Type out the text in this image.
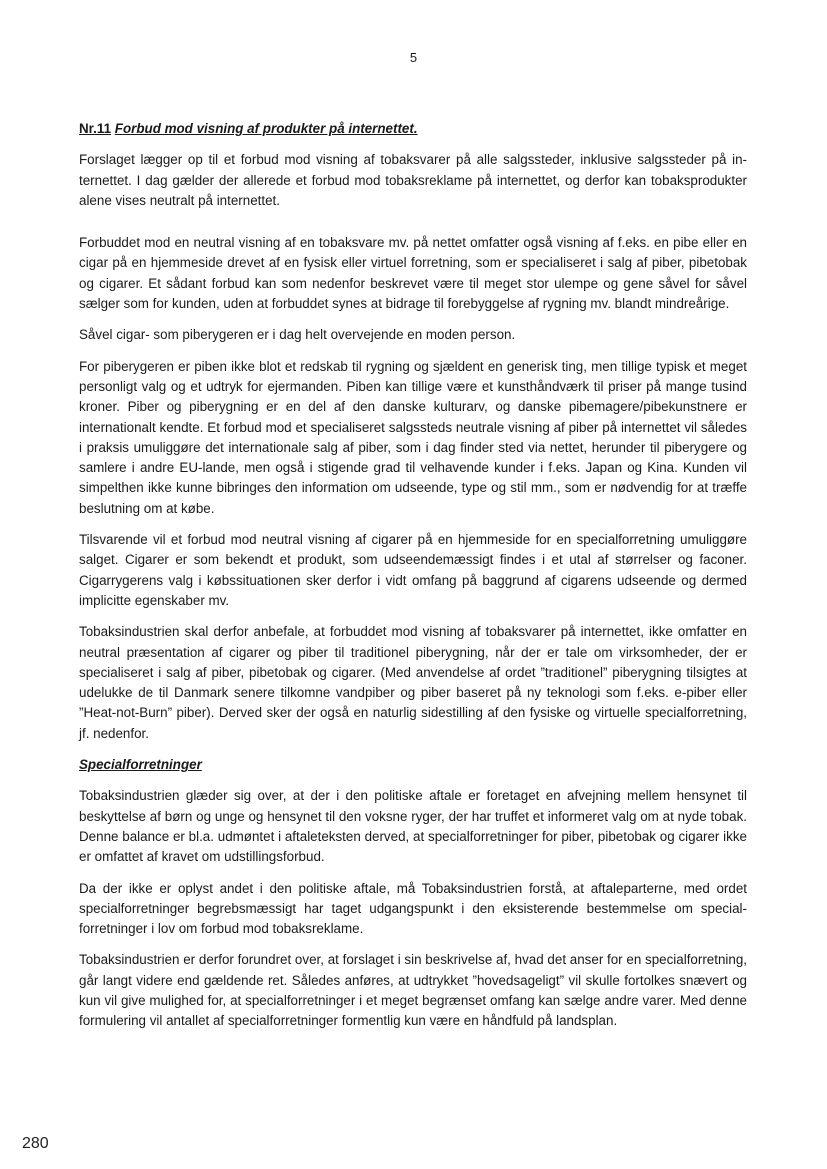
5

Nr.11 Forbud mod visning af produkter på internettet.

Forslaget lægger op til et forbud mod visning af tobaksvarer på alle salgssteder, inklusive salgssteder på internettet. I dag gælder der allerede et forbud mod tobaksreklame på internettet, og derfor kan tobaksprodukter alene vises neutralt på internettet.

Forbuddet mod en neutral visning af en tobaksvare mv. på nettet omfatter også visning af f.eks. en pibe eller en cigar på en hjemmeside drevet af en fysisk eller virtuel forretning, som er specialiseret i salg af piber, pibetobak og cigarer. Et sådant forbud kan som nedenfor beskrevet være til meget stor ulempe og gene såvel for såvel sælger som for kunden, uden at forbuddet synes at bidrage til forebyggelse af rygning mv. blandt mindreårige.

Såvel cigar- som piberygeren er i dag helt overvejende en moden person.

For piberygeren er piben ikke blot et redskab til rygning og sjældent en generisk ting, men tillige typisk et meget personligt valg og et udtryk for ejermanden. Piben kan tillige være et kunsthåndværk til priser på mange tusind kroner. Piber og piberygning er en del af den danske kulturarv, og danske pibemagere/pibekunstnere er internationalt kendte. Et forbud mod et specialiseret salgssteds neutrale visning af piber på internettet vil således i praksis umuliggøre det internationale salg af piber, som i dag finder sted via nettet, herunder til piberygere og samlere i andre EU-lande, men også i stigende grad til velhavende kunder i f.eks. Japan og Kina. Kunden vil simpelthen ikke kunne bibringes den information om udseende, type og stil mm., som er nødvendig for at træffe beslutning om at købe.

Tilsvarende vil et forbud mod neutral visning af cigarer på en hjemmeside for en specialforretning umuliggøre salget. Cigarer er som bekendt et produkt, som udseendemæssigt findes i et utal af størrelser og faconer. Cigarrygerens valg i købssituationen sker derfor i vidt omfang på baggrund af cigarens udseende og dermed implicitte egenskaber mv.

Tobaksindustrien skal derfor anbefale, at forbuddet mod visning af tobaksvarer på internettet, ikke omfatter en neutral præsentation af cigarer og piber til traditionel piberygning, når der er tale om virksomheder, der er specialiseret i salg af piber, pibetobak og cigarer. (Med anvendelse af ordet ”traditionel” piberygning tilsigtes at udelukke de til Danmark senere tilkomne vandpiber og piber baseret på ny teknologi som f.eks. e-piber eller ”Heat-not-Burn” piber). Derved sker der også en naturlig sidestilling af den fysiske og virtuelle specialforretning, jf. nedenfor.

Specialforretninger

Tobaksindustrien glæder sig over, at der i den politiske aftale er foretaget en afvejning mellem hensynet til beskyttelse af børn og unge og hensynet til den voksne ryger, der har truffet et informeret valg om at nyde tobak. Denne balance er bl.a. udmøntet i aftaleteksten derved, at specialforretninger for piber, pibetobak og cigarer ikke er omfattet af kravet om udstillingsforbud.

Da der ikke er oplyst andet i den politiske aftale, må Tobaksindustrien forstå, at aftaleparterne, med ordet specialforretninger begrebsmæssigt har taget udgangspunkt i den eksisterende bestemmelse om specialforretninger i lov om forbud mod tobaksreklame.

Tobaksindustrien er derfor forundret over, at forslaget i sin beskrivelse af, hvad det anser for en specialforretning, går langt videre end gældende ret. Således anføres, at udtrykket ”hovedsageligt” vil skulle fortolkes snævert og kun vil give mulighed for, at specialforretninger i et meget begrænset omfang kan sælge andre varer. Med denne formulering vil antallet af specialforretninger formentlig kun være en håndfuld på landsplan.

280
